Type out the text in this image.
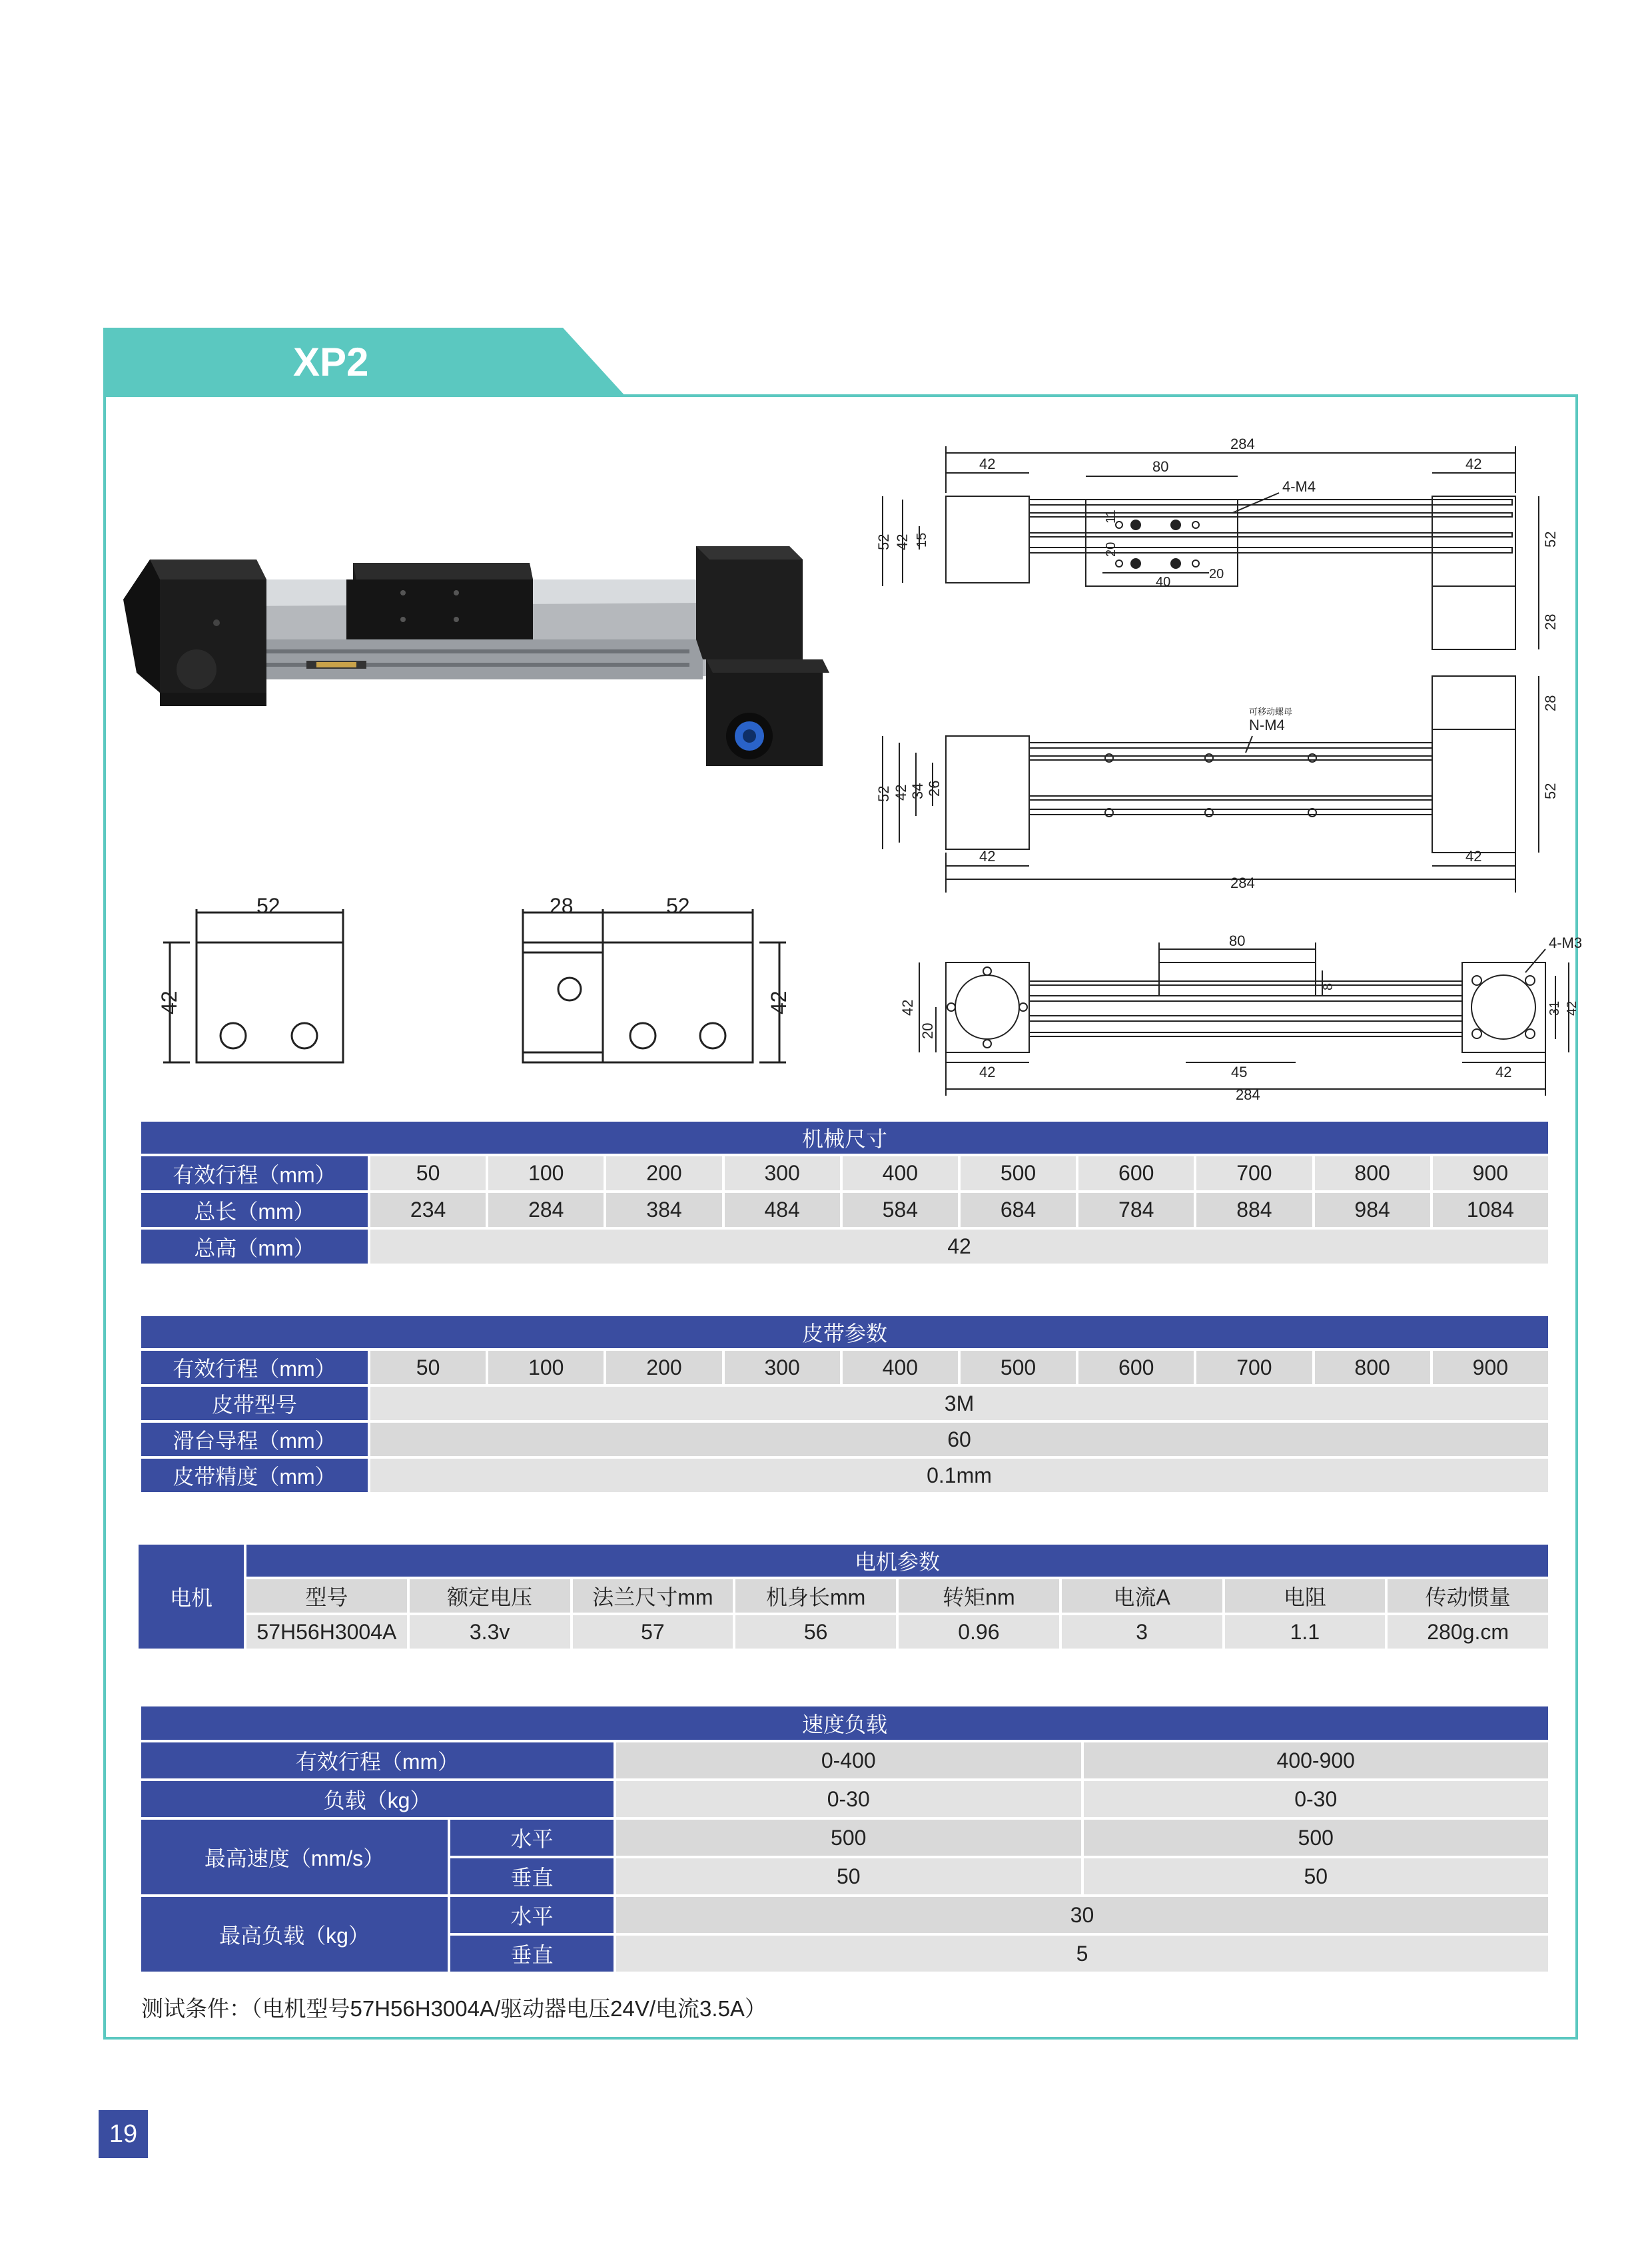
XP2
284
42	42
80
4-M4
52 42 15
11
20
40
20
52
28
可移动螺母
N-M4
42	42
284
52 42 34 26
28
52
52
42
28	52
42
80	4-M3
42
20
8
42	45	42
284
31 42
机械尺寸										
有效行程（mm）	50	100	200	300	400	500	600	700	800	900
总长（mm）	234	284	384	484	584	684	784	884	984	1084
总高（mm）	42									
皮带参数										
有效行程（mm）	50	100	200	300	400	500	600	700	800	900
皮带型号	3M									
滑台导程（mm）	60									
皮带精度（mm）	0.1mm									
电机	电机参数							
	型号	额定电压	法兰尺寸mm	机身长mm	转矩nm	电流A	电阻	传动惯量
	57H56H3004A	3.3v	57	56	0.96	3	1.1	280g.cm
速度负载			
有效行程（mm）		0-400	400-900
负载（kg）		0-30	0-30
最高速度（mm/s）	水平	500	500
	垂直	50	50
最高负载（kg）	水平	30	
	垂直	5	
测试条件：（电机型号57H56H3004A/驱动器电压24V/电流3.5A）
19
